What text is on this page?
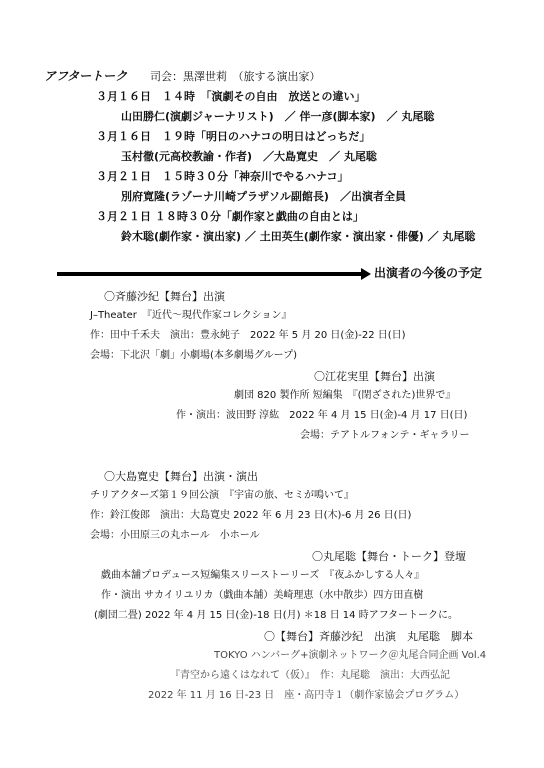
アフタートーク 司会：黒澤世莉　（旅する演出家）
３月１６日　１４時　「演劇その自由　放送との違い」
山田勝仁(演劇ジャーナリスト)　／ 伴一彦(脚本家)　／ 丸尾聡
３月１６日　１９時「明日のハナコの明日はどっちだ」
玉村徹(元高校教諭・作者)　／大島寛史　／ 丸尾聡
３月２１日　１５時３０分「神奈川でやるハナコ」
別府寛隆(ラゾーナ川崎プラザソル副館長)　／出演者全員
３月２１日 １８時３０分「劇作家と戯曲の自由とは」
鈴木聡(劇作家・演出家) ／ 土田英生(劇作家・演出家・俳優) ／ 丸尾聡
出演者の今後の予定
〇斉藤沙紀【舞台】出演
J–Theater　『近代〜現代作家コレクション』
作：田中千禾夫　演出：豊永純子　2022 年 5 月 20 日(金)-22 日(日)
会場：下北沢「劇」小劇場(本多劇場グループ)
〇江花実里【舞台】出演
劇団 820 製作所 短編集　『(閉ざされた)世界で』
作・演出：波田野 淳紘　2022 年 4 月 15 日(金)-4 月 17 日(日)
会場：テアトルフォンテ・ギャラリー
〇大島寛史【舞台】出演・演出
チリアクターズ第１９回公演　『宇宙の旅、セミが鳴いて』
作：鈴江俊郎　演出：大島寛史 2022 年 6 月 23 日(木)-6 月 26 日(日)
会場：小田原三の丸ホール　小ホール
〇丸尾聡【舞台・トーク】登壇
戯曲本舗プロデュース短編集スリーストーリーズ　『夜ふかしする人々』
作・演出 サカイリユリカ（戯曲本舗）美崎理恵（水中散歩）四方田直樹
(劇団二畳) 2022 年 4 月 15 日(金)-18 日(月) ＊18 日 14 時アフタートークに。
〇【舞台】斉藤沙紀　出演　丸尾聡　脚本
TOKYO ハンバーグ+演劇ネットワーク＠丸尾合同企画 Vol.4
『青空から遠くはなれて（仮）』　作：丸尾聡　演出：大西弘記
2022 年 11 月 16 日-23 日　座・高円寺１（劇作家協会プログラム）
